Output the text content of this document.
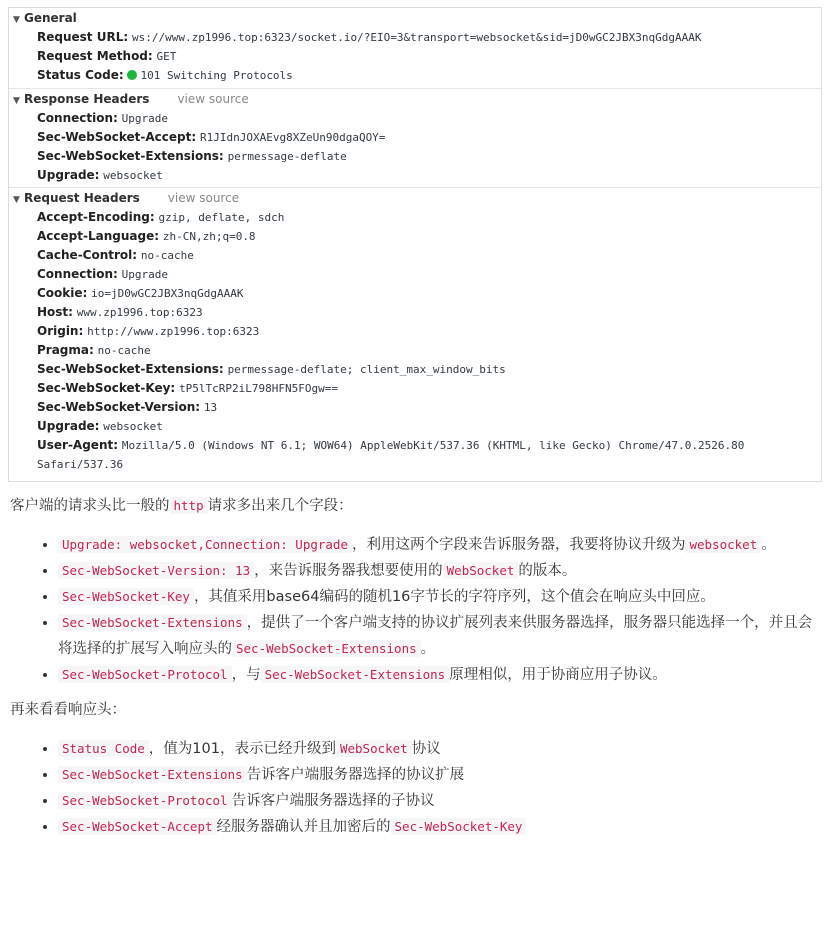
▼ General
Request URL: ws://www.zp1996.top:6323/socket.io/?EIO=3&transport=websocket&sid=jD0wGC2JBX3nqGdgAAAK
Request Method: GET
Status Code: 101 Switching Protocols
▼ Response Headers view source
Connection: Upgrade
Sec-WebSocket-Accept: R1JIdnJOXAEvg8XZeUn90dgaQOY=
Sec-WebSocket-Extensions: permessage-deflate
Upgrade: websocket
▼ Request Headers view source
Accept-Encoding: gzip, deflate, sdch
Accept-Language: zh-CN,zh;q=0.8
Cache-Control: no-cache
Connection: Upgrade
Cookie: io=jD0wGC2JBX3nqGdgAAAK
Host: www.zp1996.top:6323
Origin: http://www.zp1996.top:6323
Pragma: no-cache
Sec-WebSocket-Extensions: permessage-deflate; client_max_window_bits
Sec-WebSocket-Key: tP5lTcRP2iL798HFN5FOgw==
Sec-WebSocket-Version: 13
Upgrade: websocket
User-Agent: Mozilla/5.0 (Windows NT 6.1; WOW64) AppleWebKit/537.36 (KHTML, like Gecko) Chrome/47.0.2526.80 Safari/537.36

客户端的请求头比一般的 http 请求多出来几个字段：

• Upgrade: websocket,Connection: Upgrade ，利用这两个字段来告诉服务器，我要将协议升级为 websocket 。
• Sec-WebSocket-Version: 13 ，来告诉服务器我想要使用的 WebSocket 的版本。
• Sec-WebSocket-Key ，其值采用base64编码的随机16字节长的字符序列，这个值会在响应头中回应。
• Sec-WebSocket-Extensions ，提供了一个客户端支持的协议扩展列表来供服务器选择，服务器只能选择一个，并且会将选择的扩展写入响应头的 Sec-WebSocket-Extensions 。
• Sec-WebSocket-Protocol ，与 Sec-WebSocket-Extensions 原理相似，用于协商应用子协议。

再来看看响应头：

• Status Code ，值为101，表示已经升级到 WebSocket 协议
• Sec-WebSocket-Extensions 告诉客户端服务器选择的协议扩展
• Sec-WebSocket-Protocol 告诉客户端服务器选择的子协议
• Sec-WebSocket-Accept 经服务器确认并且加密后的 Sec-WebSocket-Key
